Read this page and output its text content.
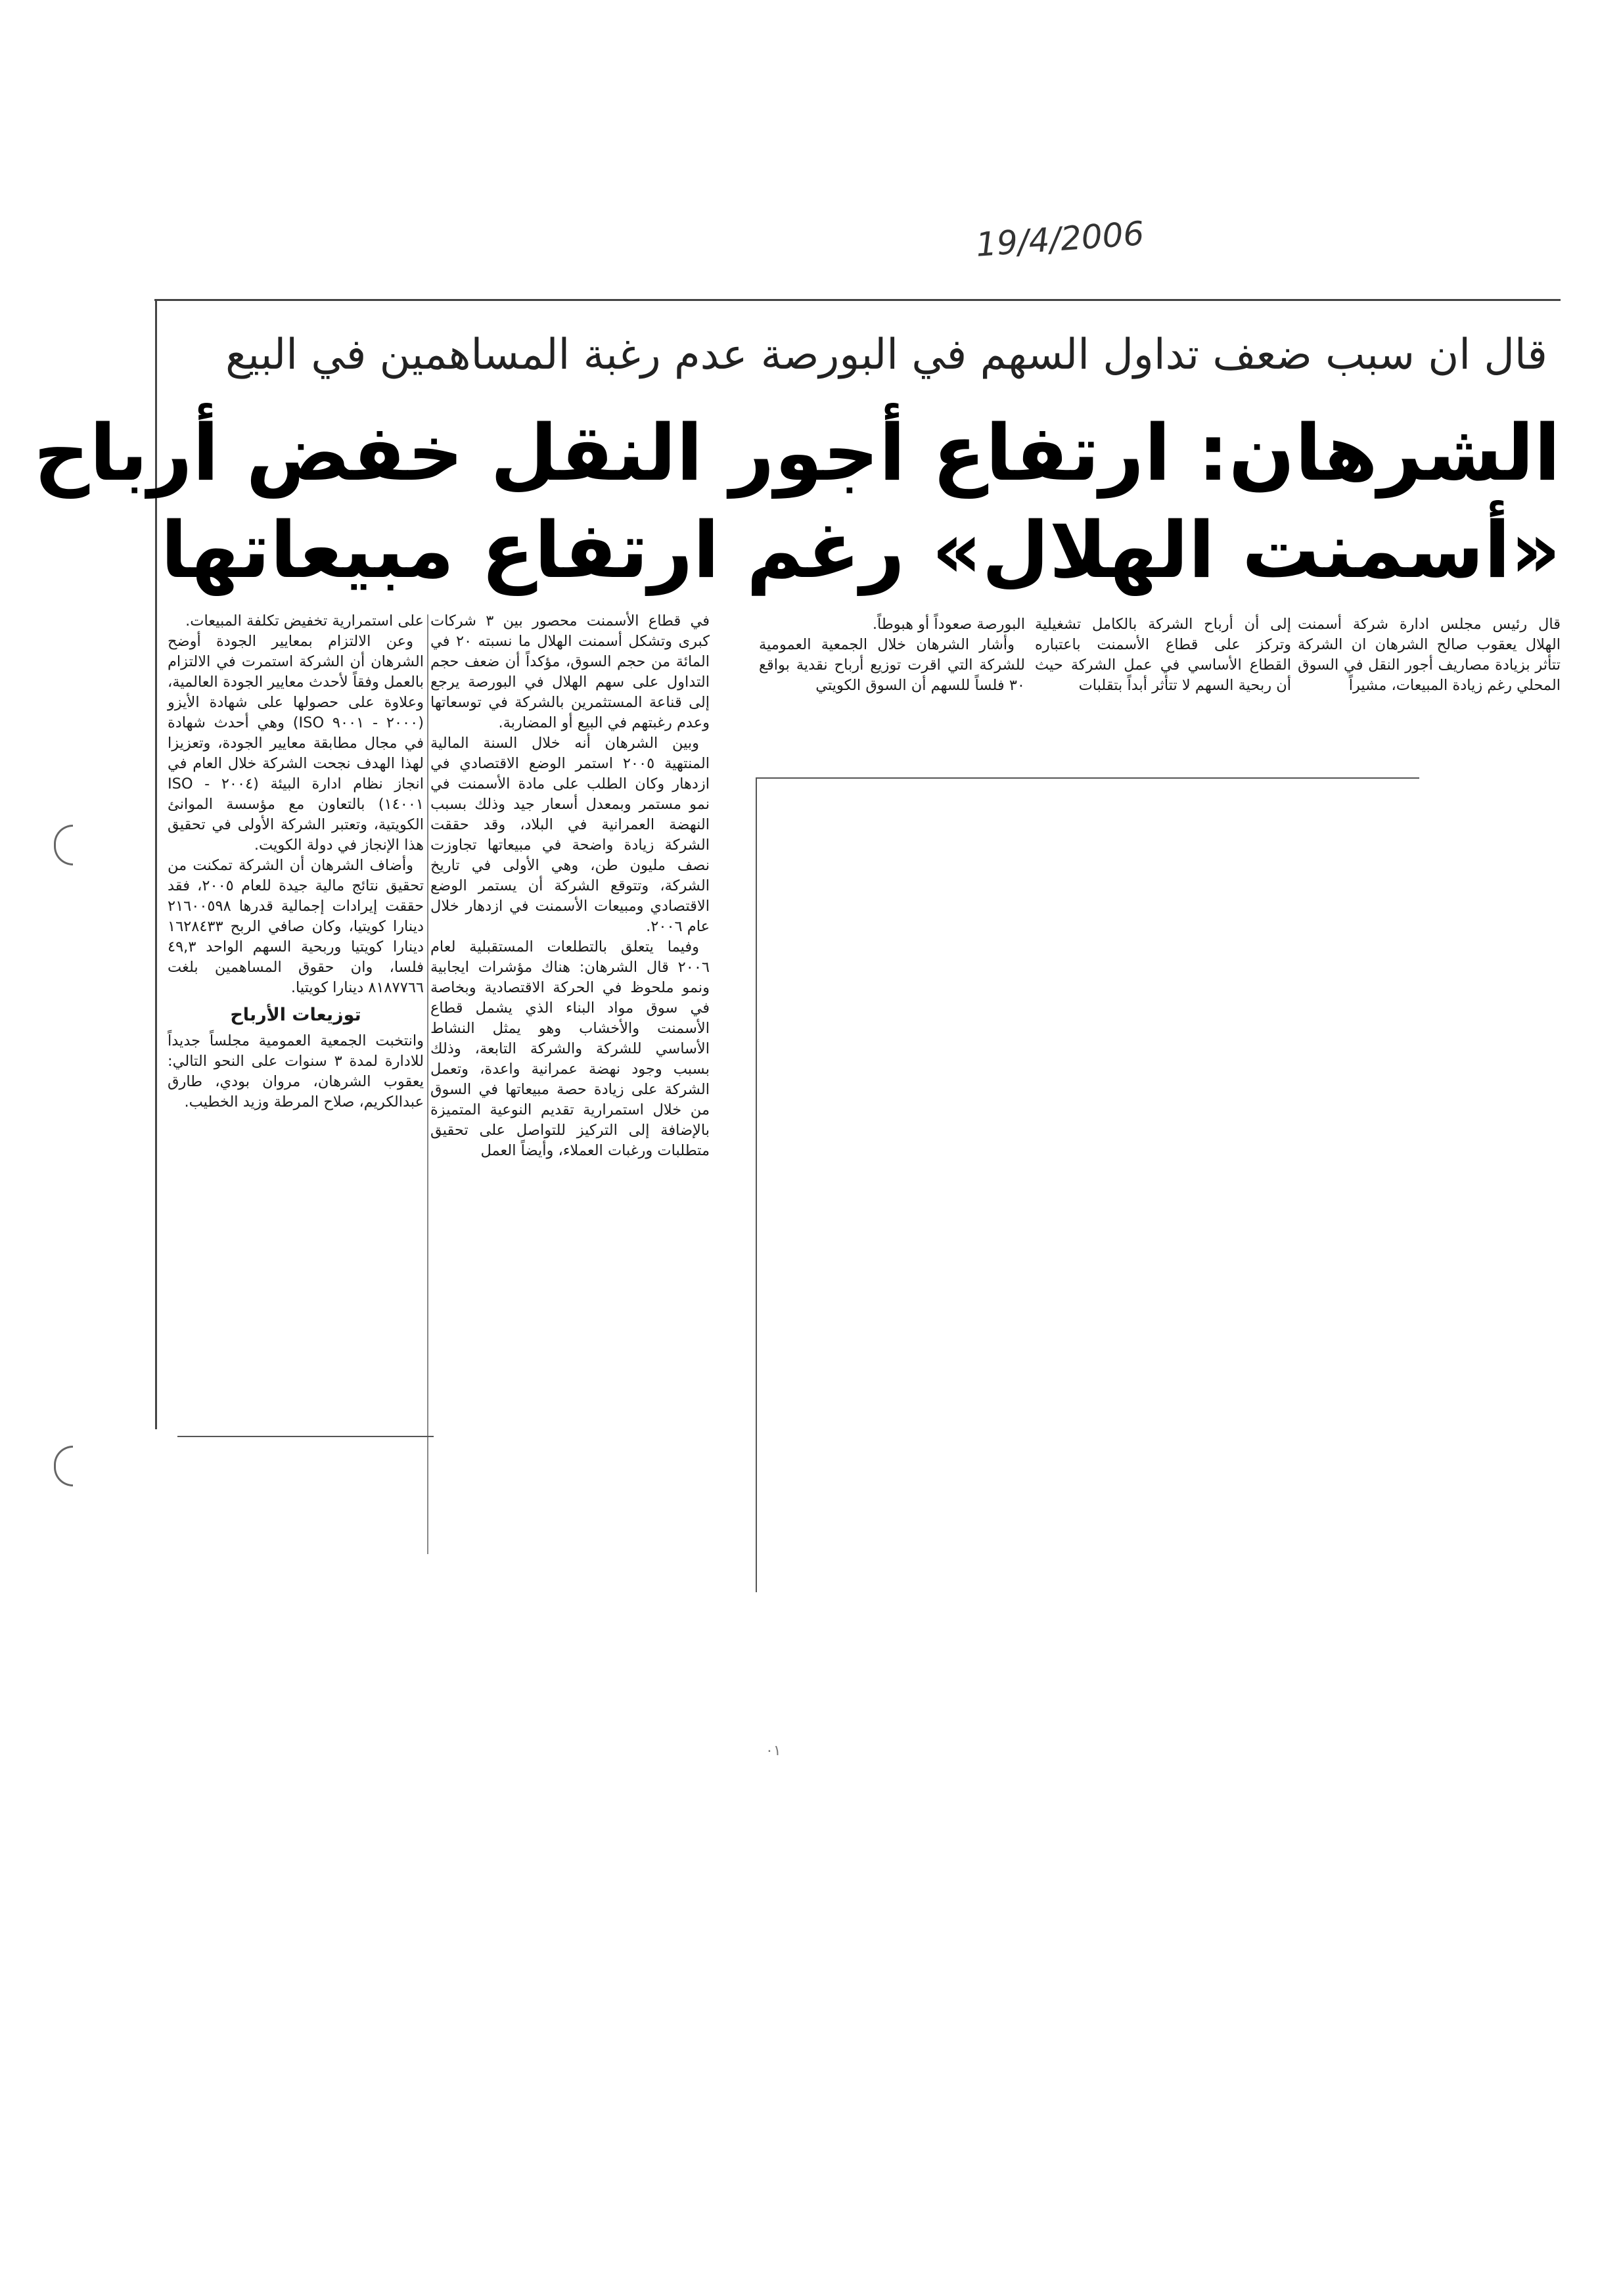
19/4/2006
قال ان سبب ضعف تداول السهم في البورصة عدم رغبة المساهمين في البيع
الشرهان: ارتفاع أجور النقل خفض أرباح
«أسمنت الهلال» رغم ارتفاع مبيعاتها

قال رئيس مجلس ادارة شركة أسمنت الهلال يعقوب صالح الشرهان ان الشركة تتأثر بزيادة مصاريف أجور النقل في السوق المحلي رغم زيادة المبيعات، مشيراً

إلى أن أرباح الشركة بالكامل تشغيلية وتركز على قطاع الأسمنت باعتباره القطاع الأساسي في عمل الشركة حيث أن ربحية السهم لا تتأثر أبداً بتقلبات

البورصة صعوداً أو هبوطاً.

وأشار الشرهان خلال الجمعية العمومية للشركة التي اقرت توزيع أرباح نقدية بواقع ٣٠ فلساً للسهم أن السوق الكويتي

في قطاع الأسمنت محصور بين ٣ شركات كبرى وتشكل أسمنت الهلال ما نسبته ٢٠ في المائة من حجم السوق، مؤكداً أن ضعف حجم التداول على سهم الهلال في البورصة يرجع إلى قناعة المستثمرين بالشركة في توسعاتها وعدم رغبتهم في البيع أو المضاربة.

وبين الشرهان أنه خلال السنة المالية المنتهية ٢٠٠٥ استمر الوضع الاقتصادي في ازدهار وكان الطلب على مادة الأسمنت في نمو مستمر وبمعدل أسعار جيد وذلك بسبب النهضة العمرانية في البلاد، وقد حققت الشركة زيادة واضحة في مبيعاتها تجاوزت نصف مليون طن، وهي الأولى في تاريخ الشركة، وتتوقع الشركة أن يستمر الوضع الاقتصادي ومبيعات الأسمنت في ازدهار خلال عام ٢٠٠٦.

وفيما يتعلق بالتطلعات المستقبلية لعام ٢٠٠٦ قال الشرهان: هناك مؤشرات ايجابية ونمو ملحوظ في الحركة الاقتصادية وبخاصة في سوق مواد البناء الذي يشمل قطاع الأسمنت والأخشاب وهو يمثل النشاط الأساسي للشركة والشركة التابعة، وذلك بسبب وجود نهضة عمرانية واعدة، وتعمل الشركة على زيادة حصة مبيعاتها في السوق من خلال استمرارية تقديم النوعية المتميزة بالإضافة إلى التركيز للتواصل على تحقيق متطلبات ورغبات العملاء، وأيضاً العمل

على استمرارية تخفيض تكلفة المبيعات.

وعن الالتزام بمعايير الجودة أوضح الشرهان أن الشركة استمرت في الالتزام بالعمل وفقاً لأحدث معايير الجودة العالمية، وعلاوة على حصولها على شهادة الأيزو (٢٠٠٠ - ٩٠٠١ ISO) وهي أحدث شهادة في مجال مطابقة معايير الجودة، وتعزيزا لهذا الهدف نجحت الشركة خلال العام في انجاز نظام ادارة البيئة (٢٠٠٤ - ISO ١٤٠٠١) بالتعاون مع مؤسسة الموانئ الكويتية، وتعتبر الشركة الأولى في تحقيق هذا الإنجاز في دولة الكويت.

وأضاف الشرهان أن الشركة تمكنت من تحقيق نتائج مالية جيدة للعام ٢٠٠٥، فقد حققت إيرادات إجمالية قدرها ٢١٦٠٠٥٩٨ دينارا كويتيا، وكان صافي الربح ١٦٢٨٤٣٣ دينارا كويتيا وربحية السهم الواحد ٤٩,٣ فلسا، وان حقوق المساهمين بلغت ٨١٨٧٧٦٦ دينارا كويتيا.

توزيعات الأرباح

وانتخبت الجمعية العمومية مجلساً جديداً للادارة لمدة ٣ سنوات على النحو التالي: يعقوب الشرهان، مروان بودي، طارق عبدالكريم، صلاح المرطة وزيد الخطيب.

٠١
